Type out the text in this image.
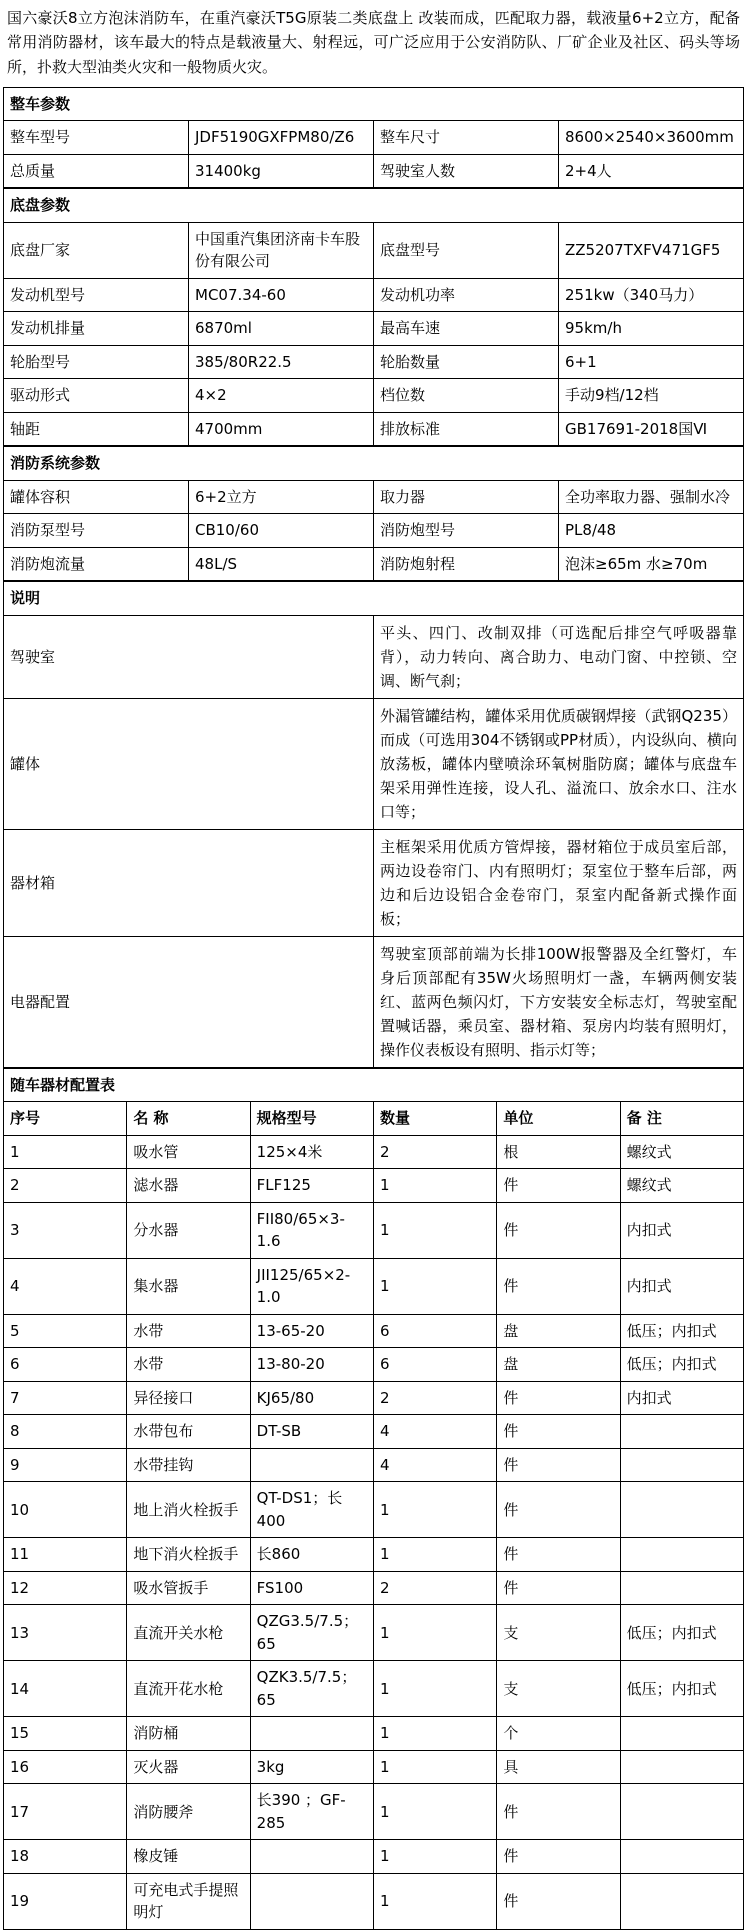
国六豪沃8立方泡沫消防车，在重汽豪沃T5G原装二类底盘上 改装而成，匹配取力器，载液量6+2立方，配备常用消防器材，该车最大的特点是载液量大、射程远，可广泛应用于公安消防队、厂矿企业及社区、码头等场所，扑救大型油类火灾和一般物质火灾。
整车参数			
整车型号	JDF5190GXFPM80/Z6	整车尺寸	8600×2540×3600mm
总质量	31400kg	驾驶室人数	2+4人
底盘参数			
底盘厂家	中国重汽集团济南卡车股份有限公司	底盘型号	ZZ5207TXFV471GF5
发动机型号	MC07.34-60	发动机功率	251kw（340马力）
发动机排量	6870ml	最高车速	95km/h
轮胎型号	385/80R22.5	轮胎数量	6+1
驱动形式	4×2	档位数	手动9档/12档
轴距	4700mm	排放标准	GB17691-2018国Ⅵ
消防系统参数			
罐体容积	6+2立方	取力器	全功率取力器、强制水冷
消防泵型号	CB10/60	消防炮型号	PL8/48
消防炮流量	48L/S	消防炮射程	泡沫≥65m 水≥70m
说明	
驾驶室	平头、四门、改制双排（可选配后排空气呼吸器靠背），动力转向、离合助力、电动门窗、中控锁、空调、断气刹；
罐体	外漏管罐结构，罐体采用优质碳钢焊接（武钢Q235）而成（可选用304不锈钢或PP材质），内设纵向、横向放荡板，罐体内壁喷涂环氧树脂防腐；罐体与底盘车架采用弹性连接，设人孔、溢流口、放余水口、注水口等；
器材箱	主框架采用优质方管焊接，器材箱位于成员室后部，两边设卷帘门、内有照明灯；泵室位于整车后部，两边和后边设铝合金卷帘门，泵室内配备新式操作面板；
电器配置	驾驶室顶部前端为长排100W报警器及全红警灯，车身后顶部配有35W火场照明灯一盏，车辆两侧安装红、蓝两色频闪灯，下方安装安全标志灯，驾驶室配置喊话器，乘员室、器材箱、泵房内均装有照明灯，操作仪表板设有照明、指示灯等；
随车器材配置表					
序号	名 称	规格型号	数量	单位	备 注
1	吸水管	125×4米	2	根	螺纹式
2	滤水器	FLF125	1	件	螺纹式
3	分水器	FII80/65×3-1.6	1	件	内扣式
4	集水器	JII125/65×2-1.0	1	件	内扣式
5	水带	13-65-20	6	盘	低压；内扣式
6	水带	13-80-20	6	盘	低压；内扣式
7	异径接口	KJ65/80	2	件	内扣式
8	水带包布	DT-SB	4	件	
9	水带挂钩		4	件	
10	地上消火栓扳手	QT-DS1；长400	1	件	
11	地下消火栓扳手	长860	1	件	
12	吸水管扳手	FS100	2	件	
13	直流开关水枪	QZG3.5/7.5；65	1	支	低压；内扣式
14	直流开花水枪	QZK3.5/7.5；65	1	支	低压；内扣式
15	消防桶		1	个	
16	灭火器	3kg	1	具	
17	消防腰斧	长390 ；GF-285	1	件	
18	橡皮锤		1	件	
19	可充电式手提照明灯		1	件	
